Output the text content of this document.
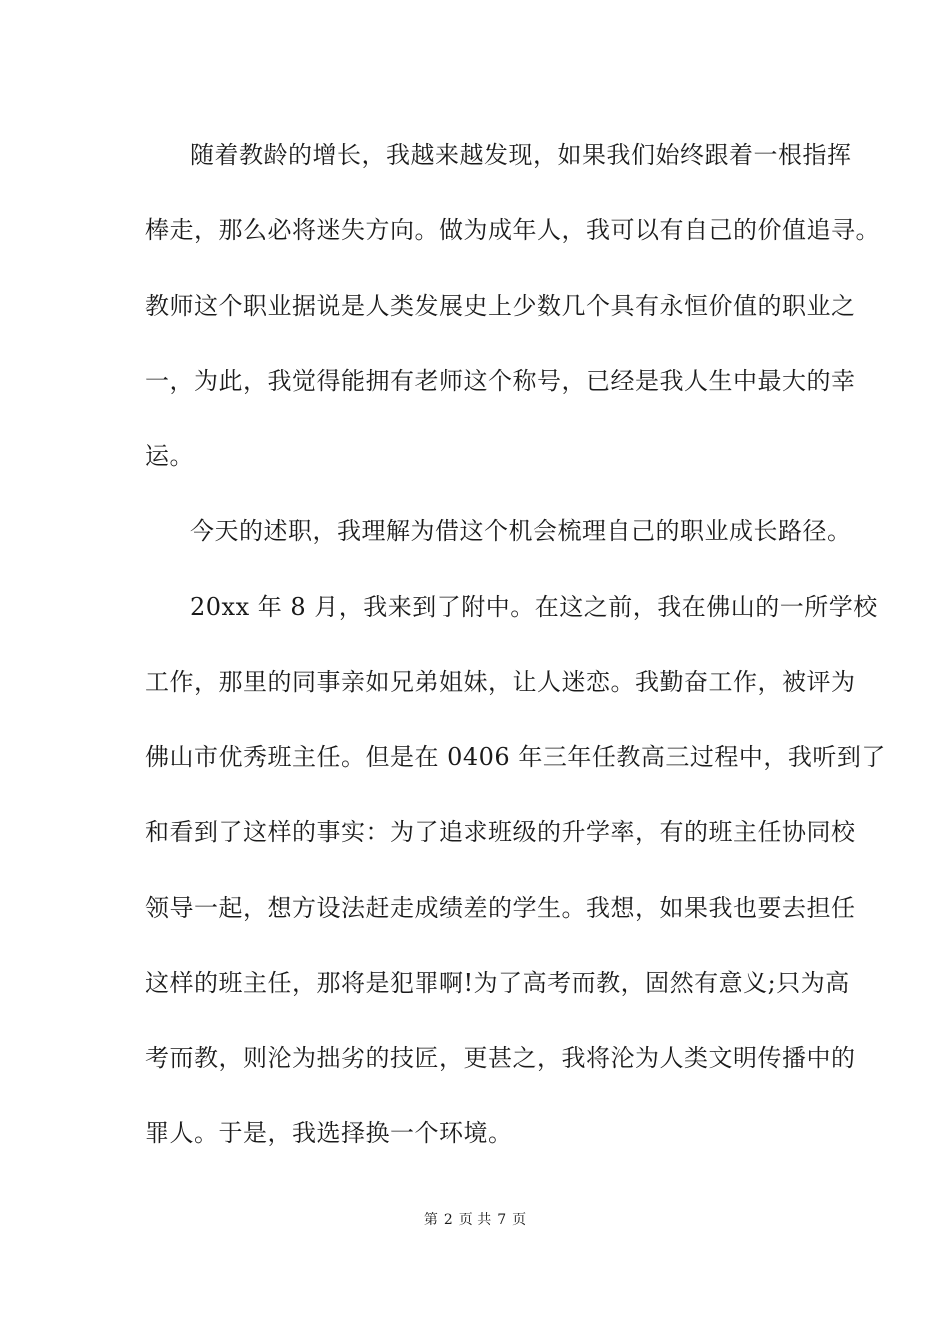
随着教龄的增长，我越来越发现，如果我们始终跟着一根指挥
棒走，那么必将迷失方向。做为成年人，我可以有自己的价值追寻。
教师这个职业据说是人类发展史上少数几个具有永恒价值的职业之
一，为此，我觉得能拥有老师这个称号，已经是我人生中最大的幸
运。
今天的述职，我理解为借这个机会梳理自己的职业成长路径。
20xx 年 8 月，我来到了附中。在这之前，我在佛山的一所学校
工作，那里的同事亲如兄弟姐妹，让人迷恋。我勤奋工作，被评为
佛山市优秀班主任。但是在 0406 年三年任教高三过程中，我听到了
和看到了这样的事实：为了追求班级的升学率，有的班主任协同校
领导一起，想方设法赶走成绩差的学生。我想，如果我也要去担任
这样的班主任，那将是犯罪啊!为了高考而教，固然有意义;只为高
考而教，则沦为拙劣的技匠，更甚之，我将沦为人类文明传播中的
罪人。于是，我选择换一个环境。
第 2 页 共 7 页
